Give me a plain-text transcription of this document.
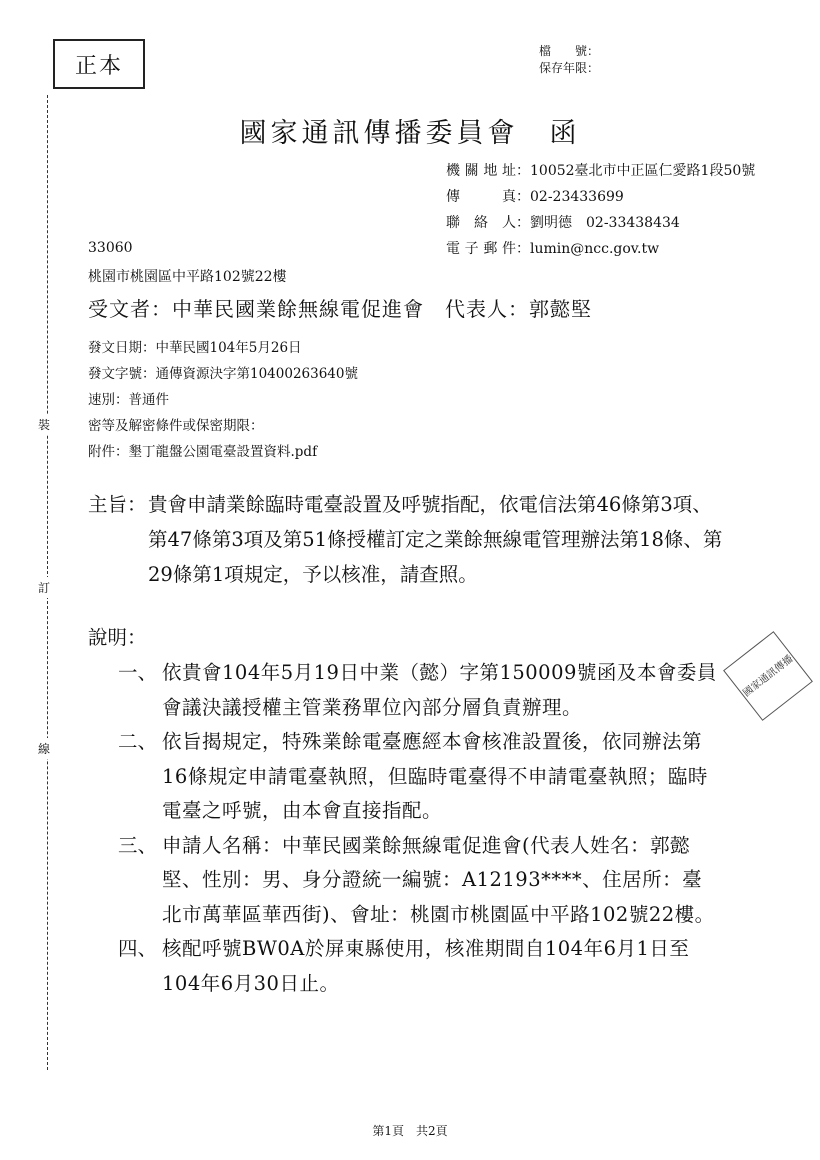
裝
訂
線
正本
檔　　號：
保存年限：
國家通訊傳播委員會　函
機關地址 ：10052臺北市中正區仁愛路1段50號
傳　　真 ：02-23433699
聯 絡 人 ：劉明德　02-33438434
電子郵件 ：lumin@ncc.gov.tw
33060
桃園市桃園區中平路102號22樓
受文者：中華民國業餘無線電促進會　代表人：郭懿堅
發文日期：中華民國104年5月26日
發文字號：通傳資源決字第10400263640號
速別：普通件
密等及解密條件或保密期限：
附件：墾丁龍盤公園電臺設置資料.pdf
主旨： 貴會申請業餘臨時電臺設置及呼號指配，依電信法第46條第3項、第47條第3項及第51條授權訂定之業餘無線電管理辦法第18條、第29條第1項規定，予以核准，請查照。
說明：
一、 依貴會104年5月19日中業（懿）字第150009號函及本會委員會議決議授權主管業務單位內部分層負責辦理。
二、 依旨揭規定，特殊業餘電臺應經本會核准設置後，依同辦法第16條規定申請電臺執照，但臨時電臺得不申請電臺執照；臨時電臺之呼號，由本會直接指配。
三、 申請人名稱：中華民國業餘無線電促進會(代表人姓名：郭懿堅、性別：男、身分證統一編號：A12193****、住居所：臺北市萬華區華西街)、會址：桃園市桃園區中平路102號22樓。
四、 核配呼號BW0A於屏東縣使用，核准期間自104年6月1日至104年6月30日止。
國家通訊傳播
第1頁　共2頁
